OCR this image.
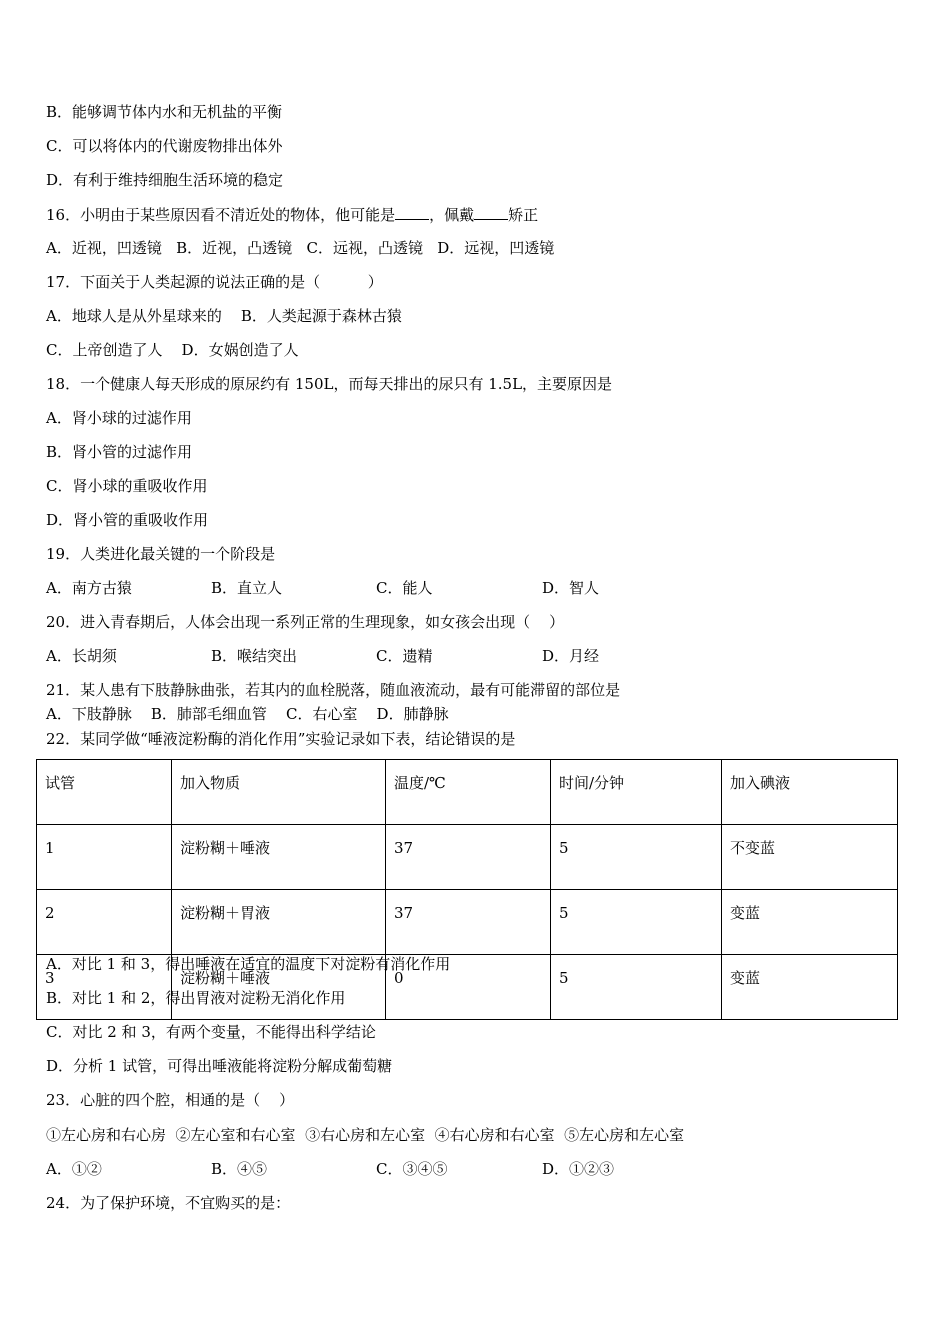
B．能够调节体内水和无机盐的平衡
C．可以将体内的代谢废物排出体外
D．有利于维持细胞生活环境的稳定
16．小明由于某些原因看不清近处的物体，他可能是 ，佩戴 矫正
A．近视，凹透镜   B．近视，凸透镜   C．远视，凸透镜   D．远视，凹透镜
17．下面关于人类起源的说法正确的是（          ）
A．地球人是从外星球来的    B．人类起源于森林古猿
C．上帝创造了人    D．女娲创造了人
18．一个健康人每天形成的原尿约有 150L，而每天排出的尿只有 1.5L，主要原因是
A．肾小球的过滤作用
B．肾小管的过滤作用
C．肾小球的重吸收作用
D．肾小管的重吸收作用
19．人类进化最关键的一个阶段是
A．南方古猿	B．直立人	C．能人	D．智人
20．进入青春期后，人体会出现一系列正常的生理现象，如女孩会出现（    ）
A．长胡须	B．喉结突出	C．遗精	D．月经
21．某人患有下肢静脉曲张，若其内的血栓脱落，随血液流动，最有可能滞留的部位是
A．下肢静脉    B．肺部毛细血管    C．右心室    D．肺静脉
22．某同学做“唾液淀粉酶的消化作用”实验记录如下表，结论错误的是
试管	加入物质	温度/℃	时间/分钟	加入碘液
1	淀粉糊＋唾液	37	5	不变蓝
2	淀粉糊＋胃液	37	5	变蓝
3	淀粉糊＋唾液	0	5	变蓝
A．对比 1 和 3，得出唾液在适宜的温度下对淀粉有消化作用
B．对比 1 和 2，得出胃液对淀粉无消化作用
C．对比 2 和 3，有两个变量，不能得出科学结论
D．分析 1 试管，可得出唾液能将淀粉分解成葡萄糖
23．心脏的四个腔，相通的是（    ）
①左心房和右心房  ②左心室和右心室  ③右心房和左心室  ④右心房和右心室  ⑤左心房和左心室
A．①②	B．④⑤	C．③④⑤	D．①②③
24．为了保护环境，不宜购买的是：
